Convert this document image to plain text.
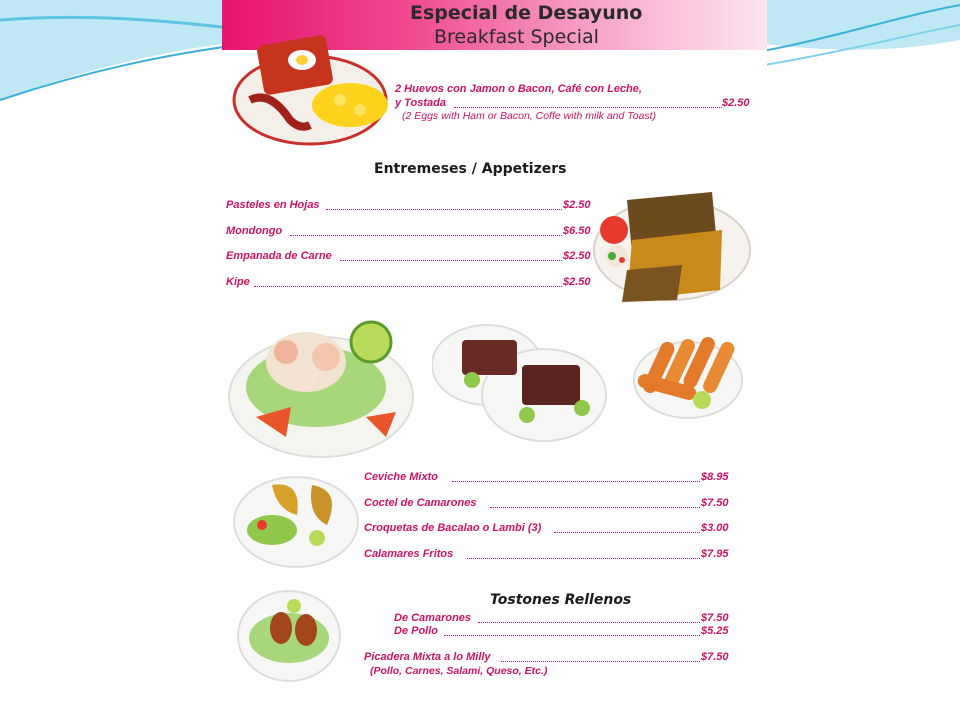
Especial de Desayuno
Breakfast Special
2 Huevos con Jamon o Bacon, Café con Leche,
y Tostada	$2.50
(2 Eggs with Ham or Bacon, Coffe with milk and Toast)
Entremeses / Appetizers
Pasteles en Hojas	$2.50
Mondongo	$6.50
Empanada de Carne	$2.50
Kipe	$2.50
Ceviche Mixto	$8.95
Coctel de Camarones	$7.50
Croquetas de Bacalao o Lambi (3)	$3.00
Calamares Fritos	$7.95
Tostones Rellenos
De Camarones	$7.50
De Pollo	$5.25
Picadera Mixta a lo Milly	$7.50
(Pollo, Carnes, Salami, Queso, Etc.)
